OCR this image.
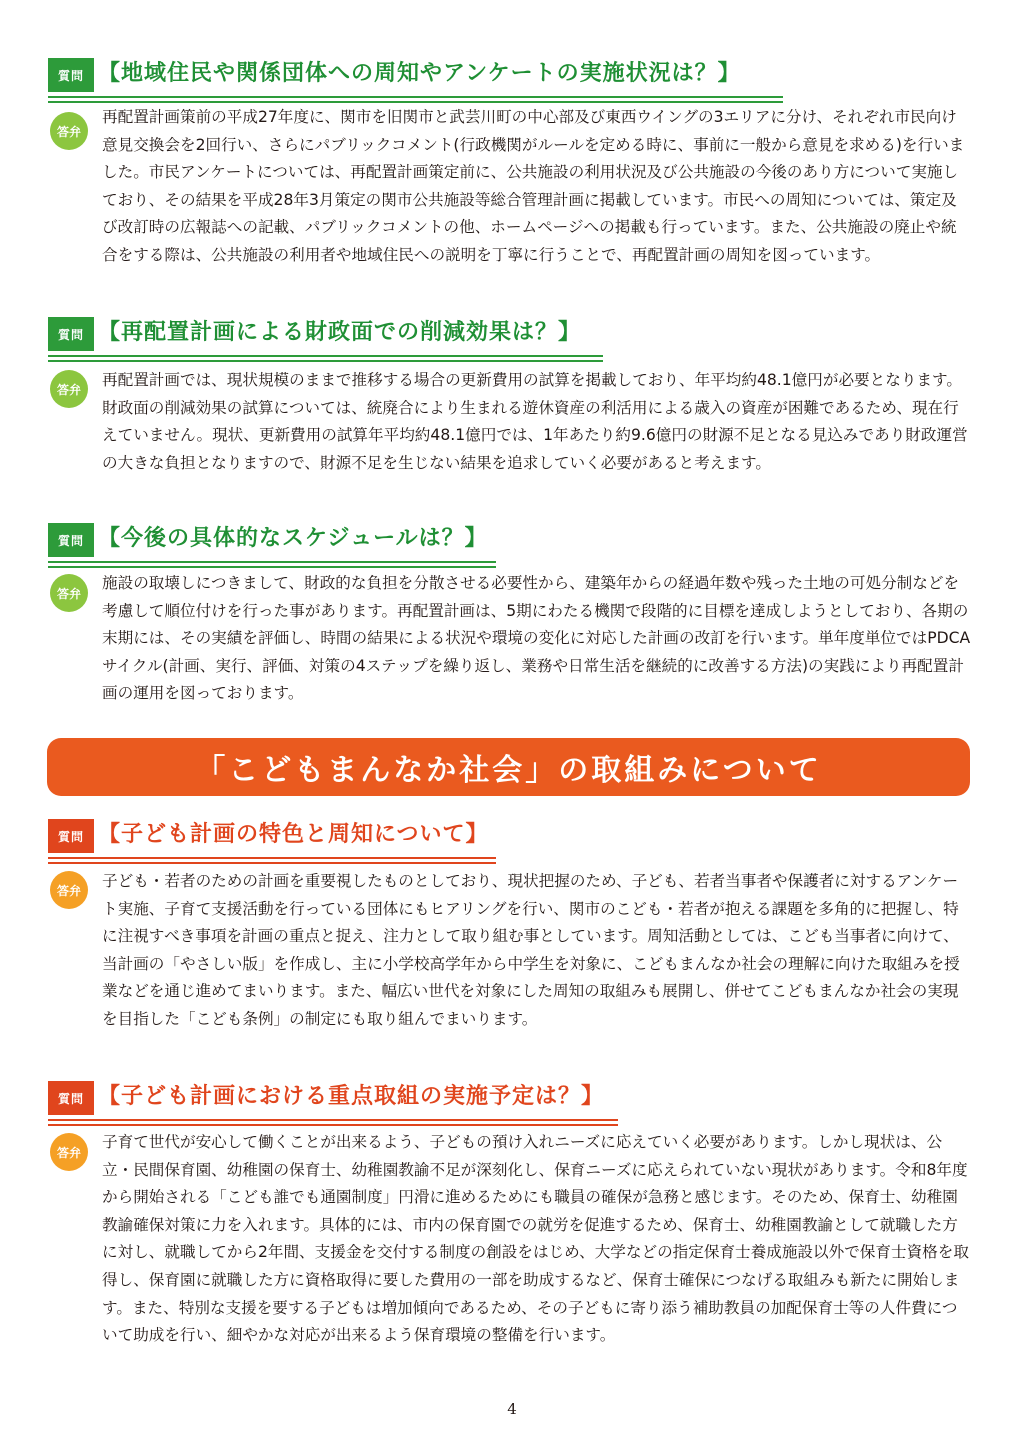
質問 【地域住民や関係団体への周知やアンケートの実施状況は？】
答弁

再配置計画策前の平成27年度に、関市を旧関市と武芸川町の中心部及び東西ウイングの3エリアに分け、それぞれ市民向け意見交換会を2回行い、さらにパブリックコメント(行政機関がルールを定める時に、事前に一般から意見を求める)を行いました。市民アンケートについては、再配置計画策定前に、公共施設の利用状況及び公共施設の今後のあり方について実施しており、その結果を平成28年3月策定の関市公共施設等総合管理計画に掲載しています。市民への周知については、策定及び改訂時の広報誌への記載、パブリックコメントの他、ホームページへの掲載も行っています。また、公共施設の廃止や統合をする際は、公共施設の利用者や地域住民への説明を丁寧に行うことで、再配置計画の周知を図っています。

質問 【再配置計画による財政面での削減効果は？】
答弁

再配置計画では、現状規模のままで推移する場合の更新費用の試算を掲載しており、年平均約48.1億円が必要となります。財政面の削減効果の試算については、統廃合により生まれる遊休資産の利活用による歳入の資産が困難であるため、現在行えていません。現状、更新費用の試算年平均約48.1億円では、1年あたり約9.6億円の財源不足となる見込みであり財政運営の大きな負担となりますので、財源不足を生じない結果を追求していく必要があると考えます。

質問 【今後の具体的なスケジュールは？】
答弁

施設の取壊しにつきまして、財政的な負担を分散させる必要性から、建築年からの経過年数や残った土地の可処分制などを考慮して順位付けを行った事があります。再配置計画は、5期にわたる機関で段階的に目標を達成しようとしており、各期の末期には、その実績を評価し、時間の結果による状況や環境の変化に対応した計画の改訂を行います。単年度単位ではPDCAサイクル(計画、実行、評価、対策の4ステップを繰り返し、業務や日常生活を継続的に改善する方法)の実践により再配置計画の運用を図っております。

「こどもまんなか社会」の取組みについて
質問 【子ども計画の特色と周知について】
答弁

子ども・若者のための計画を重要視したものとしており、現状把握のため、子ども、若者当事者や保護者に対するアンケート実施、子育て支援活動を行っている団体にもヒアリングを行い、関市のこども・若者が抱える課題を多角的に把握し、特に注視すべき事項を計画の重点と捉え、注力として取り組む事としています。周知活動としては、こども当事者に向けて、当計画の「やさしい版」を作成し、主に小学校高学年から中学生を対象に、こどもまんなか社会の理解に向けた取組みを授業などを通じ進めてまいります。また、幅広い世代を対象にした周知の取組みも展開し、併せてこどもまんなか社会の実現を目指した「こども条例」の制定にも取り組んでまいります。

質問 【子ども計画における重点取組の実施予定は？】
答弁

子育て世代が安心して働くことが出来るよう、子どもの預け入れニーズに応えていく必要があります。しかし現状は、公立・民間保育園、幼稚園の保育士、幼稚園教諭不足が深刻化し、保育ニーズに応えられていない現状があります。令和8年度から開始される「こども誰でも通園制度」円滑に進めるためにも職員の確保が急務と感じます。そのため、保育士、幼稚園教諭確保対策に力を入れます。具体的には、市内の保育園での就労を促進するため、保育士、幼稚園教諭として就職した方に対し、就職してから2年間、支援金を交付する制度の創設をはじめ、大学などの指定保育士養成施設以外で保育士資格を取得し、保育園に就職した方に資格取得に要した費用の一部を助成するなど、保育士確保につなげる取組みも新たに開始します。また、特別な支援を要する子どもは増加傾向であるため、その子どもに寄り添う補助教員の加配保育士等の人件費について助成を行い、細やかな対応が出来るよう保育環境の整備を行います。

4
